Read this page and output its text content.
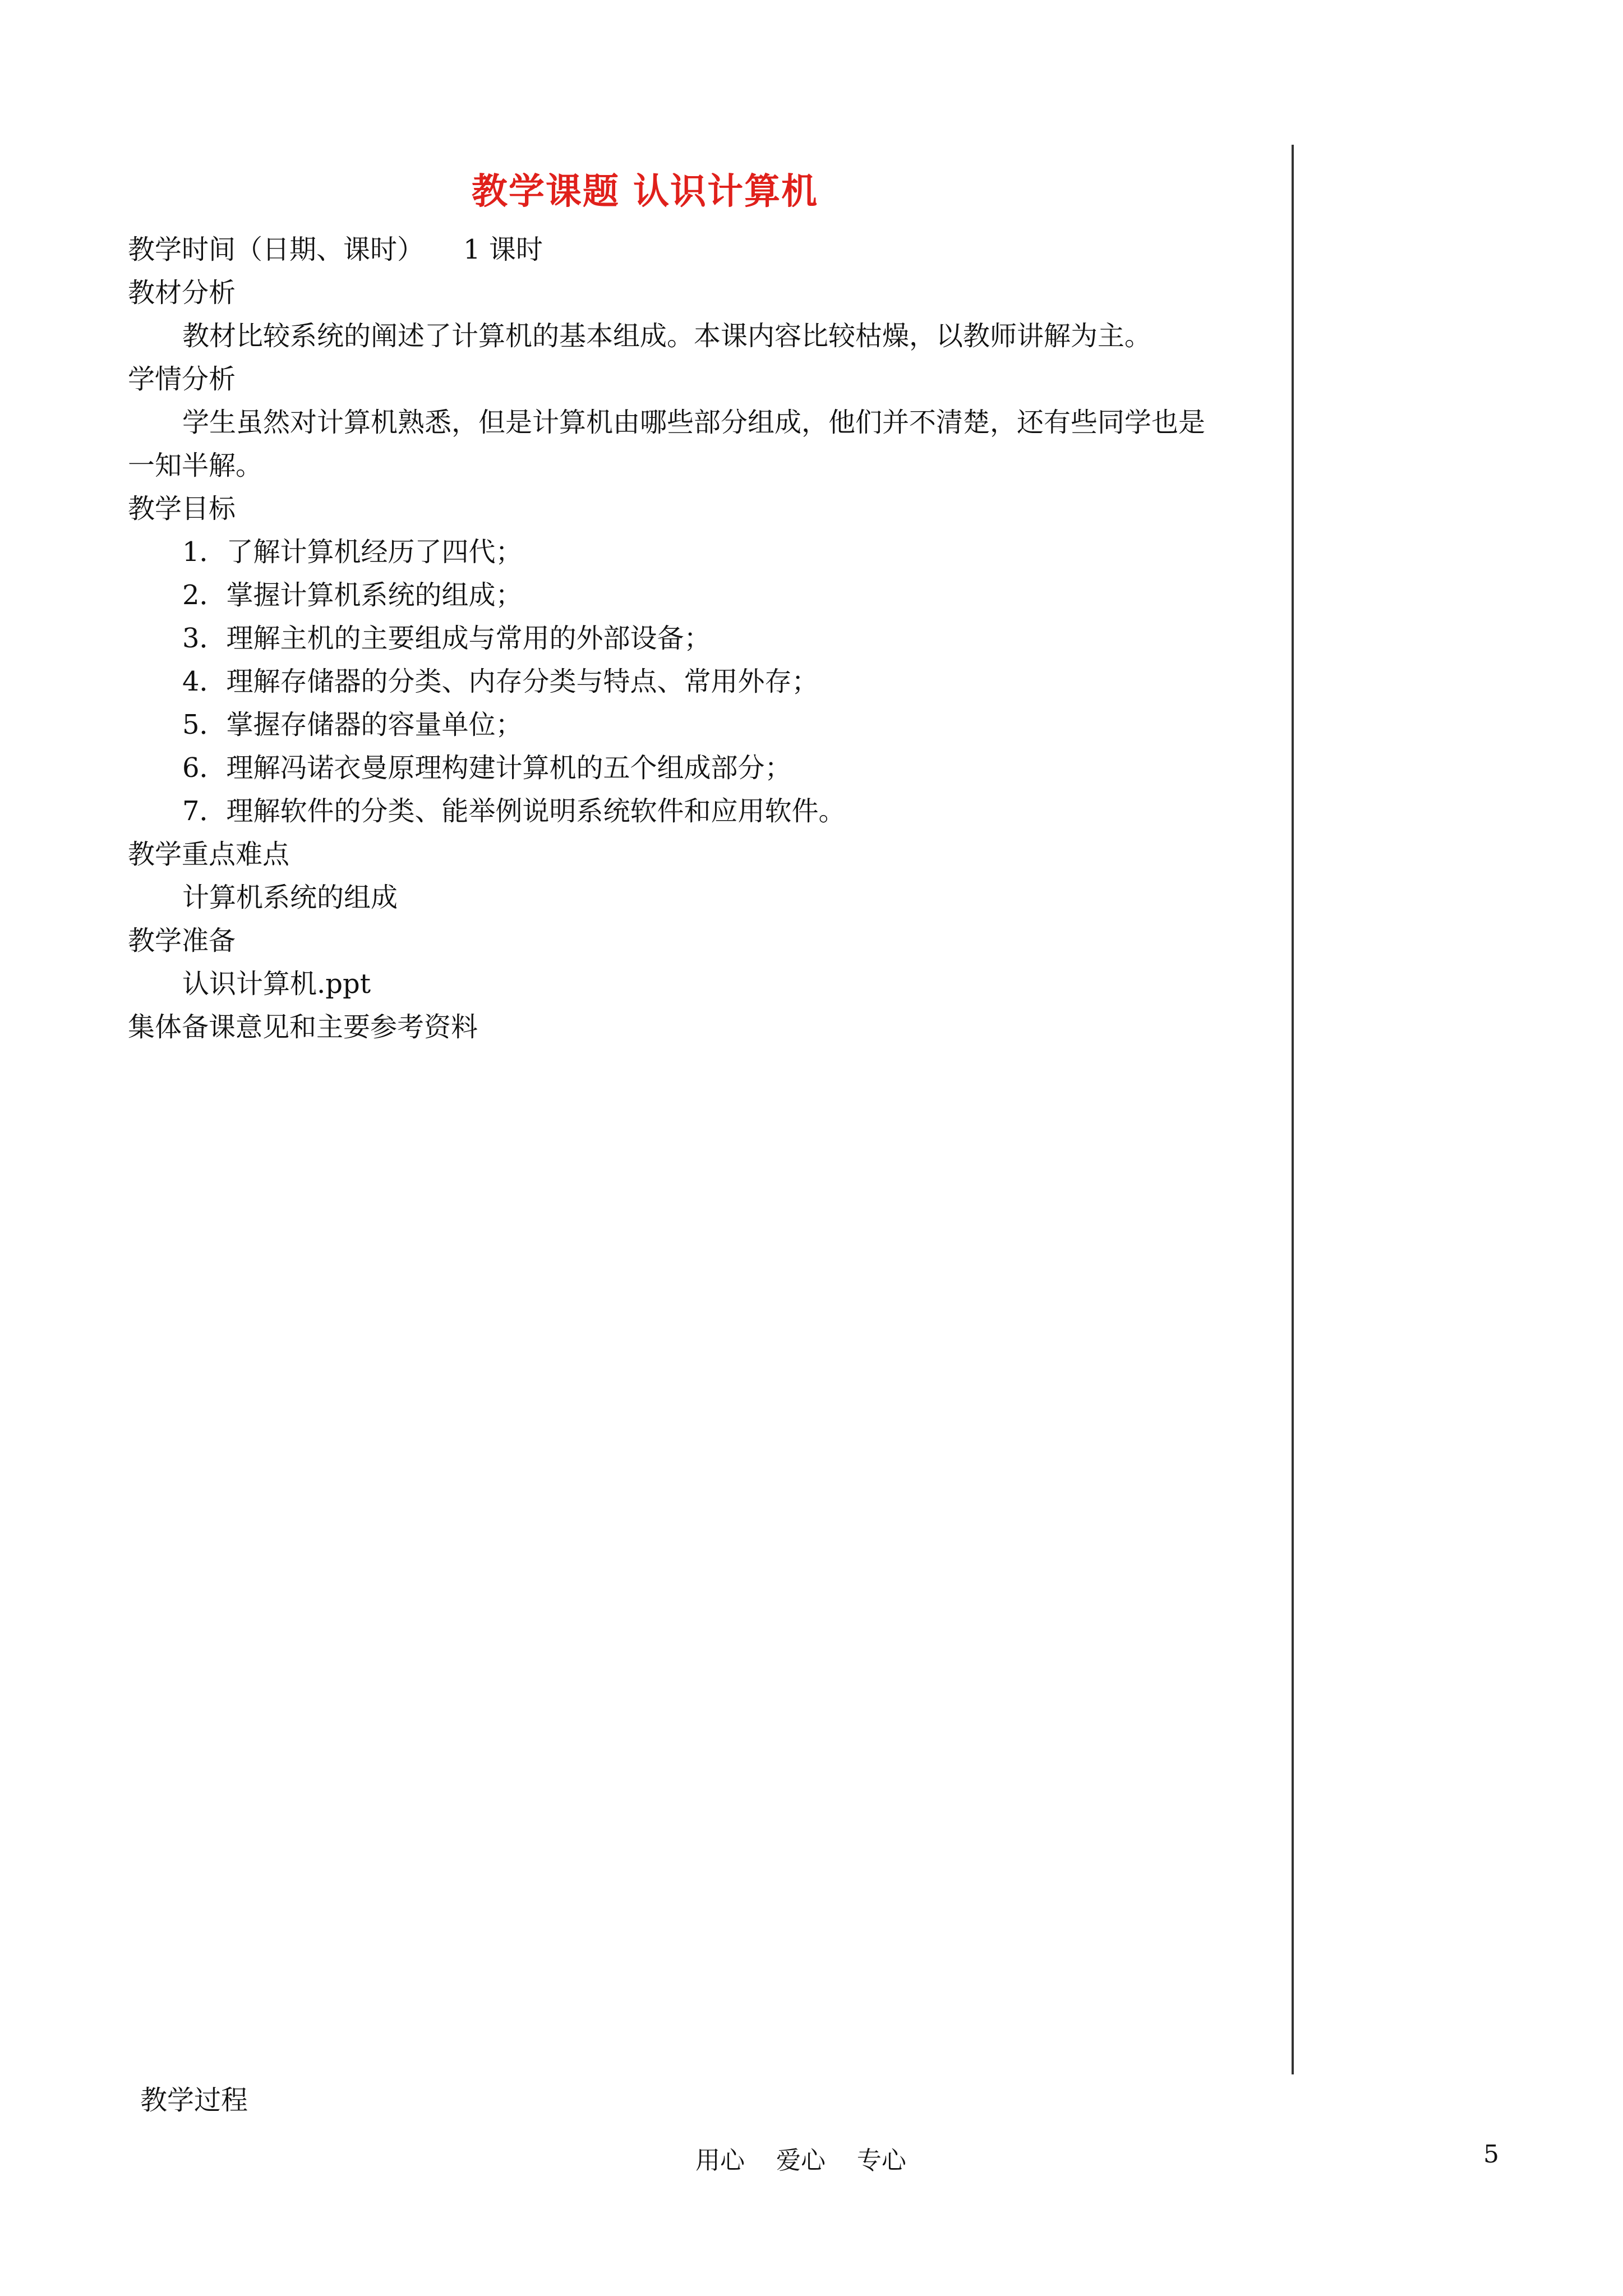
教学课题 认识计算机
教学时间（日期、课时） 1 课时
教材分析
教材比较系统的阐述了计算机的基本组成。本课内容比较枯燥，以教师讲解为主。
学情分析
学生虽然对计算机熟悉，但是计算机由哪些部分组成，他们并不清楚，还有些同学也是
一知半解。
教学目标
1．了解计算机经历了四代；
2．掌握计算机系统的组成；
3．理解主机的主要组成与常用的外部设备；
4．理解存储器的分类、内存分类与特点、常用外存；
5．掌握存储器的容量单位；
6．理解冯诺衣曼原理构建计算机的五个组成部分；
7．理解软件的分类、能举例说明系统软件和应用软件。
教学重点难点
计算机系统的组成
教学准备
认识计算机.ppt
集体备课意见和主要参考资料
教学过程
用心    爱心    专心	5
